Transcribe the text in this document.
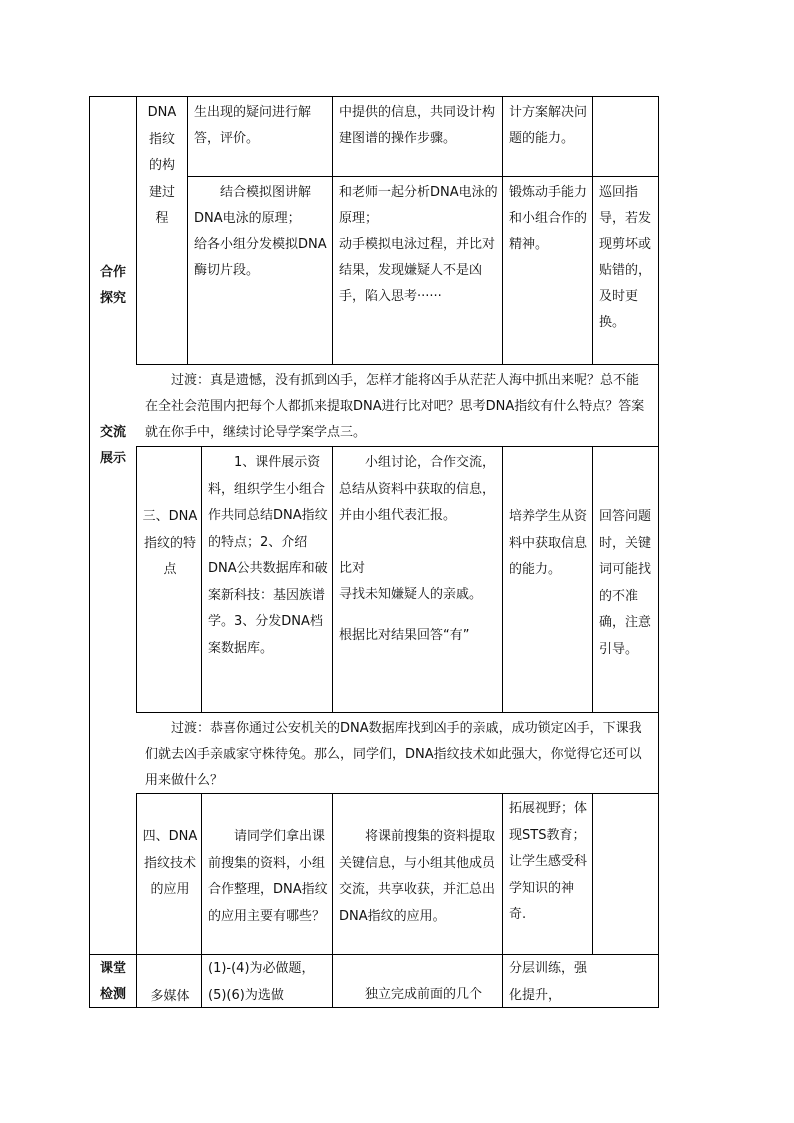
合作探究
交流展示
课堂检测
DNA指纹的构建过程
生出现的疑问进行解答，评价。
中提供的信息，共同设计构建图谱的操作步骤。
计方案解决问题的能力。
结合模拟图讲解DNA电泳的原理；
给各小组分发模拟DNA酶切片段。
和老师一起分析DNA电泳的原理；
动手模拟电泳过程，并比对结果，发现嫌疑人不是凶手，陷入思考······
锻炼动手能力和小组合作的精神。
巡回指导，若发现剪坏或贴错的，及时更换。
过渡：真是遗憾，没有抓到凶手，怎样才能将凶手从茫茫人海中抓出来呢？总不能在全社会范围内把每个人都抓来提取DNA进行比对吧？思考DNA指纹有什么特点？答案就在你手中，继续讨论导学案学点三。
三、DNA指纹的特点
1、课件展示资料，组织学生小组合作共同总结DNA指纹的特点；2、介绍DNA公共数据库和破案新科技：基因族谱学。3、分发DNA档案数据库。
小组讨论，合作交流，总结从资料中获取的信息，并由小组代表汇报。
比对
寻找未知嫌疑人的亲戚。
根据比对结果回答“有”
培养学生从资料中获取信息的能力。
回答问题时，关键词可能找的不准确，注意引导。
过渡：恭喜你通过公安机关的DNA数据库找到凶手的亲戚，成功锁定凶手，下课我们就去凶手亲戚家守株待兔。那么，同学们，DNA指纹技术如此强大，你觉得它还可以用来做什么？
四、DNA指纹技术的应用
请同学们拿出课前搜集的资料，小组合作整理，DNA指纹的应用主要有哪些？
将课前搜集的资料提取关键信息，与小组其他成员交流，共享收获，并汇总出DNA指纹的应用。
拓展视野；体现STS教育；让学生感受科学知识的神奇.
多媒体
(1)-(4)为必做题，(5)(6)为选做	独立完成前面的几个
分层训练，强化提升，
